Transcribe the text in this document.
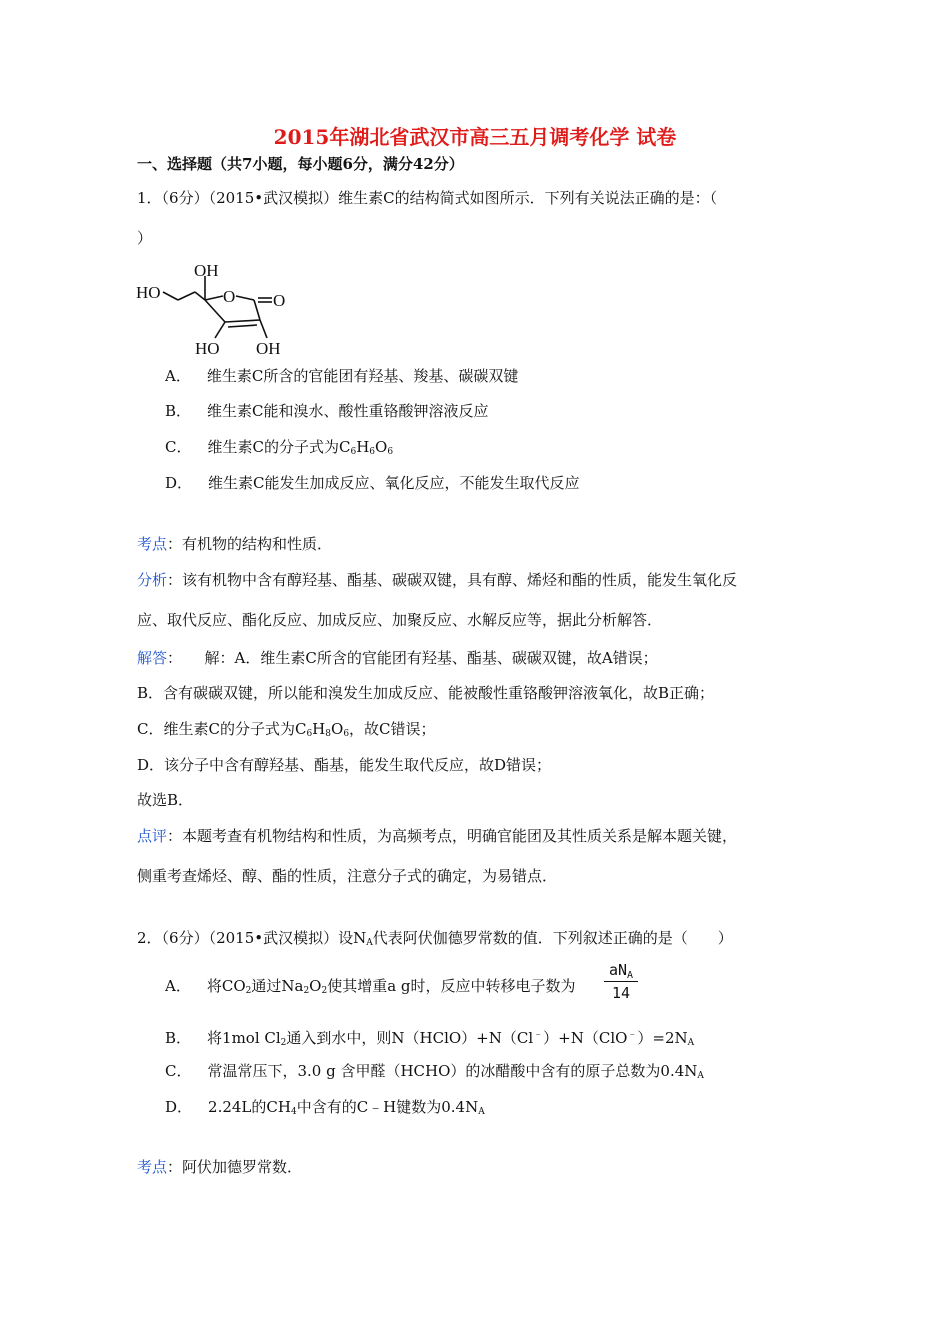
2015年湖北省武汉市高三五月调考化学 试卷
一、选择题（共7小题，每小题6分，满分42分）
1．（6分）（2015•武汉模拟）维生素C的结构简式如图所示．下列有关说法正确的是：（
）
HO
OH
O O
HO OH
A． 维生素C所含的官能团有羟基、羧基、碳碳双键
B． 维生素C能和溴水、酸性重铬酸钾溶液反应
C． 维生素C的分子式为$C_6H_6O_6$
D． 维生素C能发生加成反应、氧化反应，不能发生取代反应
考点：有机物的结构和性质．
分析：该有机物中含有醇羟基、酯基、碳碳双键，具有醇、烯烃和酯的性质，能发生氧化反
应、取代反应、酯化反应、加成反应、加聚反应、水解反应等，据此分析解答．
解答：　　解：A．维生素C所含的官能团有羟基、酯基、碳碳双键，故A错误；
B．含有碳碳双键，所以能和溴发生加成反应、能被酸性重铬酸钾溶液氧化，故B正确；
C．维生素C的分子式为$C_6H_8O_6$，故C错误；
D．该分子中含有醇羟基、酯基，能发生取代反应，故D错误；
故选B．
点评：本题考查有机物结构和性质，为高频考点，明确官能团及其性质关系是解本题关键，
侧重考查烯烃、醇、酯的性质，注意分子式的确定，为易错点．
2．（6分）（2015•武汉模拟）设$N_A$代表阿伏伽德罗常数的值．下列叙述正确的是（　　）
A． 将$CO_2$通过$Na_2O_2$使其增重a g时，反应中转移电子数为
$aN_A$
14
B． 将1mol $Cl_2$通入到水中，则$N(HClO)+N(Cl^﹣)+N(ClO^﹣)=2N_A$
C． 常温常压下，3.0 g 含甲醛（HCHO）的冰醋酸中含有的原子总数为$0.4N_A$
D． 2.24L的$CH_4$中含有的C﹣H键数为$0.4N_A$
考点：阿伏加德罗常数．
